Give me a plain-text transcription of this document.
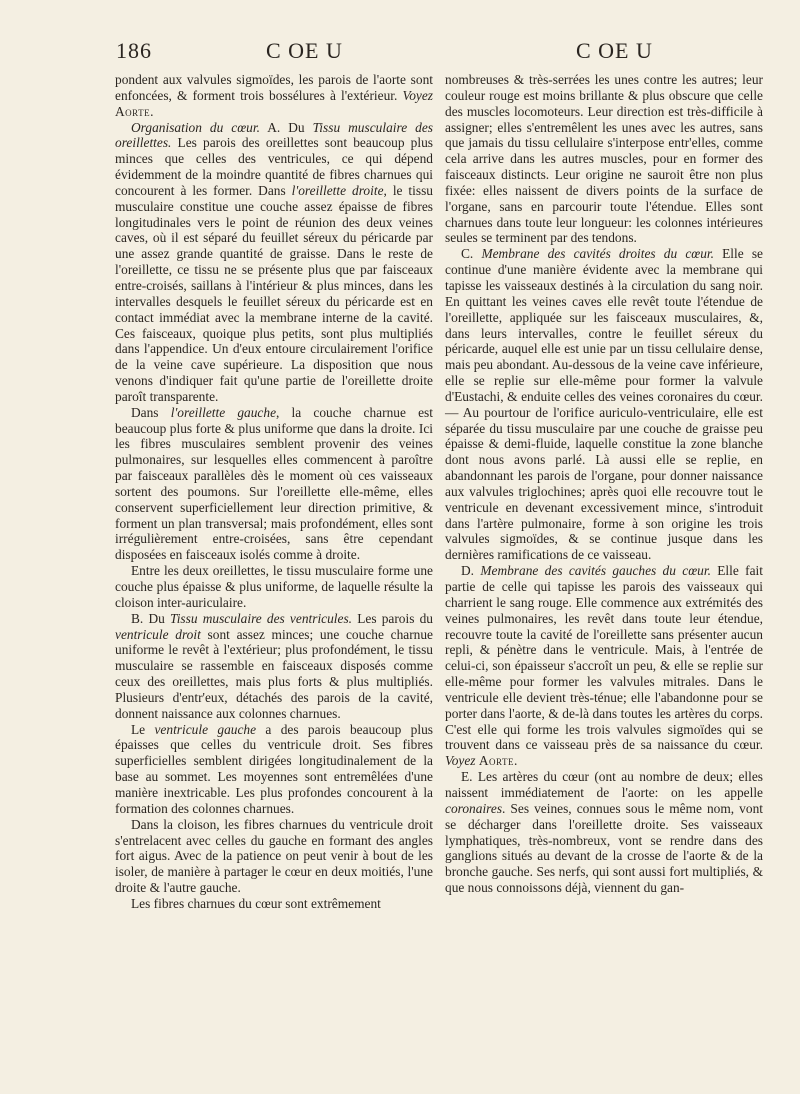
186	C OE U	C OE U

pondent aux valvules sigmoïdes, les parois de l'aorte sont enfoncées, & forment trois bossélures à l'extérieur. Voyez Aorte.

Organisation du cœur. A. Du Tissu musculaire des oreillettes. Les parois des oreillettes sont beaucoup plus minces que celles des ventricules, ce qui dépend évidemment de la moindre quantité de fibres charnues qui concourent à les former. Dans l'oreillette droite, le tissu musculaire constitue une couche assez épaisse de fibres longitudinales vers le point de réunion des deux veines caves, où il est séparé du feuillet séreux du péricarde par une assez grande quantité de graisse. Dans le reste de l'oreillette, ce tissu ne se présente plus que par faisceaux entre-croisés, saillans à l'intérieur & plus minces, dans les intervalles desquels le feuillet séreux du péricarde est en contact immédiat avec la membrane interne de la cavité. Ces faisceaux, quoique plus petits, sont plus multipliés dans l'appendice. Un d'eux entoure circulairement l'orifice de la veine cave supérieure. La disposition que nous venons d'indiquer fait qu'une partie de l'oreillette droite paroît transparente.

Dans l'oreillette gauche, la couche charnue est beaucoup plus forte & plus uniforme que dans la droite. Ici les fibres musculaires semblent provenir des veines pulmonaires, sur lesquelles elles commencent à paroître par faisceaux parallèles dès le moment où ces vaisseaux sortent des poumons. Sur l'oreillette elle-même, elles conservent superficiellement leur direction primitive, & forment un plan transversal; mais profondément, elles sont irrégulièrement entre-croisées, sans être cependant disposées en faisceaux isolés comme à droite.

Entre les deux oreillettes, le tissu musculaire forme une couche plus épaisse & plus uniforme, de laquelle résulte la cloison inter-auriculaire.

B. Du Tissu musculaire des ventricules. Les parois du ventricule droit sont assez minces; une couche charnue uniforme le revêt à l'extérieur; plus profondément, le tissu musculaire se rassemble en faisceaux disposés comme ceux des oreillettes, mais plus forts & plus multipliés. Plusieurs d'entr'eux, détachés des parois de la cavité, donnent naissance aux colonnes charnues.

Le ventricule gauche a des parois beaucoup plus épaisses que celles du ventricule droit. Ses fibres superficielles semblent dirigées longitudinalement de la base au sommet. Les moyennes sont entremêlées d'une manière inextricable. Les plus profondes concourent à la formation des colonnes charnues.

Dans la cloison, les fibres charnues du ventricule droit s'entrelacent avec celles du gauche en formant des angles fort aigus. Avec de la patience on peut venir à bout de les isoler, de manière à partager le cœur en deux moitiés, l'une droite & l'autre gauche.

Les fibres charnues du cœur sont extrêmement

nombreuses & très-serrées les unes contre les autres; leur couleur rouge est moins brillante & plus obscure que celle des muscles locomoteurs. Leur direction est très-difficile à assigner; elles s'entremêlent les unes avec les autres, sans que jamais du tissu cellulaire s'interpose entr'elles, comme cela arrive dans les autres muscles, pour en former des faisceaux distincts. Leur origine ne sauroit être non plus fixée: elles naissent de divers points de la surface de l'organe, sans en parcourir toute l'étendue. Elles sont charnues dans toute leur longueur: les colonnes intérieures seules se terminent par des tendons.

C. Membrane des cavités droites du cœur. Elle se continue d'une manière évidente avec la membrane qui tapisse les vaisseaux destinés à la circulation du sang noir. En quittant les veines caves elle revêt toute l'étendue de l'oreillette, appliquée sur les faisceaux musculaires, &, dans leurs intervalles, contre le feuillet séreux du péricarde, auquel elle est unie par un tissu cellulaire dense, mais peu abondant. Au-dessous de la veine cave inférieure, elle se replie sur elle-même pour former la valvule d'Eustachi, & enduite celles des veines coronaires du cœur. — Au pourtour de l'orifice auriculo-ventriculaire, elle est séparée du tissu musculaire par une couche de graisse peu épaisse & demi-fluide, laquelle constitue la zone blanche dont nous avons parlé. Là aussi elle se replie, en abandonnant les parois de l'organe, pour donner naissance aux valvules triglochines; après quoi elle recouvre tout le ventricule en devenant excessivement mince, s'introduit dans l'artère pulmonaire, forme à son origine les trois valvules sigmoïdes, & se continue jusque dans les dernières ramifications de ce vaisseau.

D. Membrane des cavités gauches du cœur. Elle fait partie de celle qui tapisse les parois des vaisseaux qui charrient le sang rouge. Elle commence aux extrémités des veines pulmonaires, les revêt dans toute leur étendue, recouvre toute la cavité de l'oreillette sans présenter aucun repli, & pénètre dans le ventricule. Mais, à l'entrée de celui-ci, son épaisseur s'accroît un peu, & elle se replie sur elle-même pour former les valvules mitrales. Dans le ventricule elle devient très-ténue; elle l'abandonne pour se porter dans l'aorte, & de-là dans toutes les artères du corps. C'est elle qui forme les trois valvules sigmoïdes qui se trouvent dans ce vaisseau près de sa naissance du cœur. Voyez Aorte.

E. Les artères du cœur (ont au nombre de deux; elles naissent immédiatement de l'aorte: on les appelle coronaires. Ses veines, connues sous le même nom, vont se décharger dans l'oreillette droite. Ses vaisseaux lymphatiques, très-nombreux, vont se rendre dans des ganglions situés au devant de la crosse de l'aorte & de la bronche gauche. Ses nerfs, qui sont aussi fort multipliés, & que nous connoissons déjà, viennent du gan-
